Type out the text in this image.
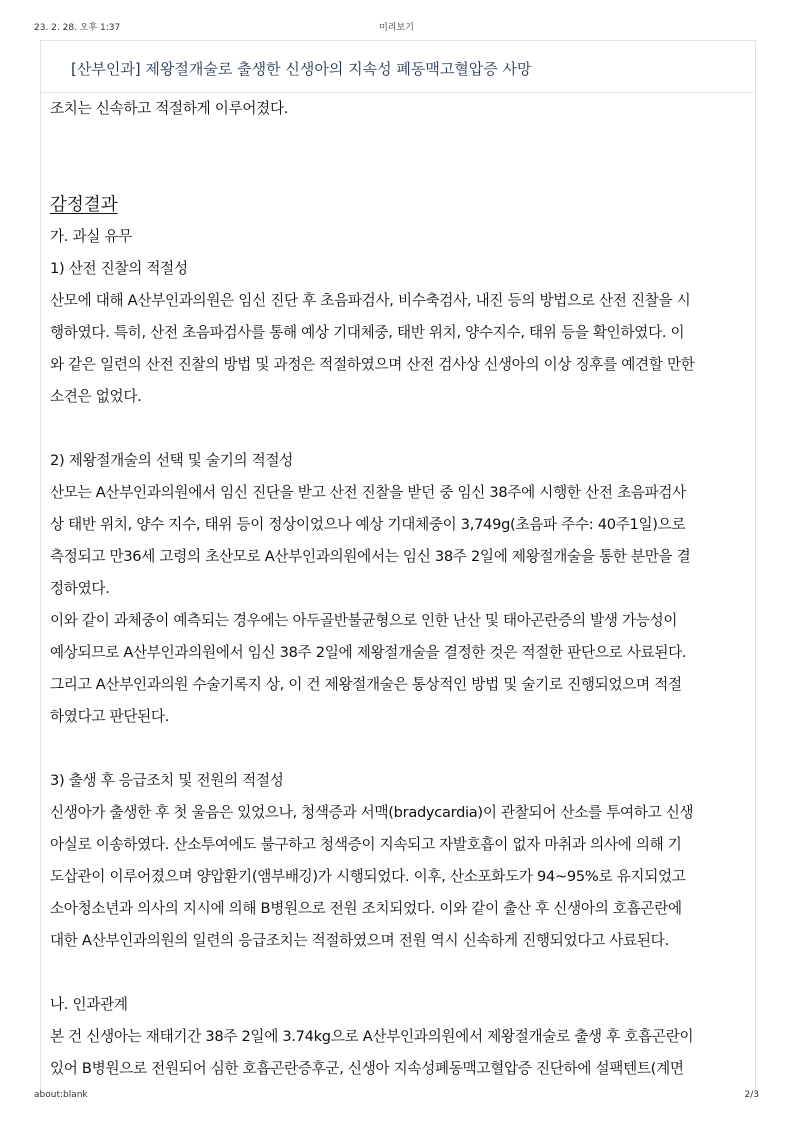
23. 2. 28. 오후 1:37	미리보기
[산부인과] 제왕절개술로 출생한 신생아의 지속성 폐동맥고혈압증 사망
조치는 신속하고 적절하게 이루어졌다.
감정결과
가. 과실 유무
1) 산전 진찰의 적절성
산모에 대해 A산부인과의원은 임신 진단 후 초음파검사, 비수축검사, 내진 등의 방법으로 산전 진찰을 시
행하였다. 특히, 산전 초음파검사를 통해 예상 기대체중, 태반 위치, 양수지수, 태위 등을 확인하였다. 이
와 같은 일련의 산전 진찰의 방법 및 과정은 적절하였으며 산전 검사상 신생아의 이상 징후를 예견할 만한
소견은 없었다.
2) 제왕절개술의 선택 및 술기의 적절성
산모는 A산부인과의원에서 임신 진단을 받고 산전 진찰을 받던 중 임신 38주에 시행한 산전 초음파검사
상 태반 위치, 양수 지수, 태위 등이 정상이었으나 예상 기대체중이 3,749g(초음파 주수: 40주1일)으로
측정되고 만36세 고령의 초산모로 A산부인과의원에서는 임신 38주 2일에 제왕절개술을 통한 분만을 결
정하였다.
이와 같이 과체중이 예측되는 경우에는 아두골반불균형으로 인한 난산 및 태아곤란증의 발생 가능성이
예상되므로 A산부인과의원에서 임신 38주 2일에 제왕절개술을 결정한 것은 적절한 판단으로 사료된다.
그리고 A산부인과의원 수술기록지 상, 이 건 제왕절개술은 통상적인 방법 및 술기로 진행되었으며 적절
하였다고 판단된다.
3) 출생 후 응급조치 및 전원의 적절성
신생아가 출생한 후 첫 울음은 있었으나, 청색증과 서맥(bradycardia)이 관찰되어 산소를 투여하고 신생
아실로 이송하였다. 산소투여에도 불구하고 청색증이 지속되고 자발호흡이 없자 마취과 의사에 의해 기
도삽관이 이루어졌으며 양압환기(앰부배깅)가 시행되었다. 이후, 산소포화도가 94~95%로 유지되었고
소아청소년과 의사의 지시에 의해 B병원으로 전원 조치되었다. 이와 같이 출산 후 신생아의 호흡곤란에
대한 A산부인과의원의 일련의 응급조치는 적절하였으며 전원 역시 신속하게 진행되었다고 사료된다.
나. 인과관계
본 건 신생아는 재태기간 38주 2일에 3.74kg으로 A산부인과의원에서 제왕절개술로 출생 후 호흡곤란이
있어 B병원으로 전원되어 심한 호흡곤란증후군, 신생아 지속성폐동맥고혈압증 진단하에 설팩텐트(계면
about:blank	2/3
